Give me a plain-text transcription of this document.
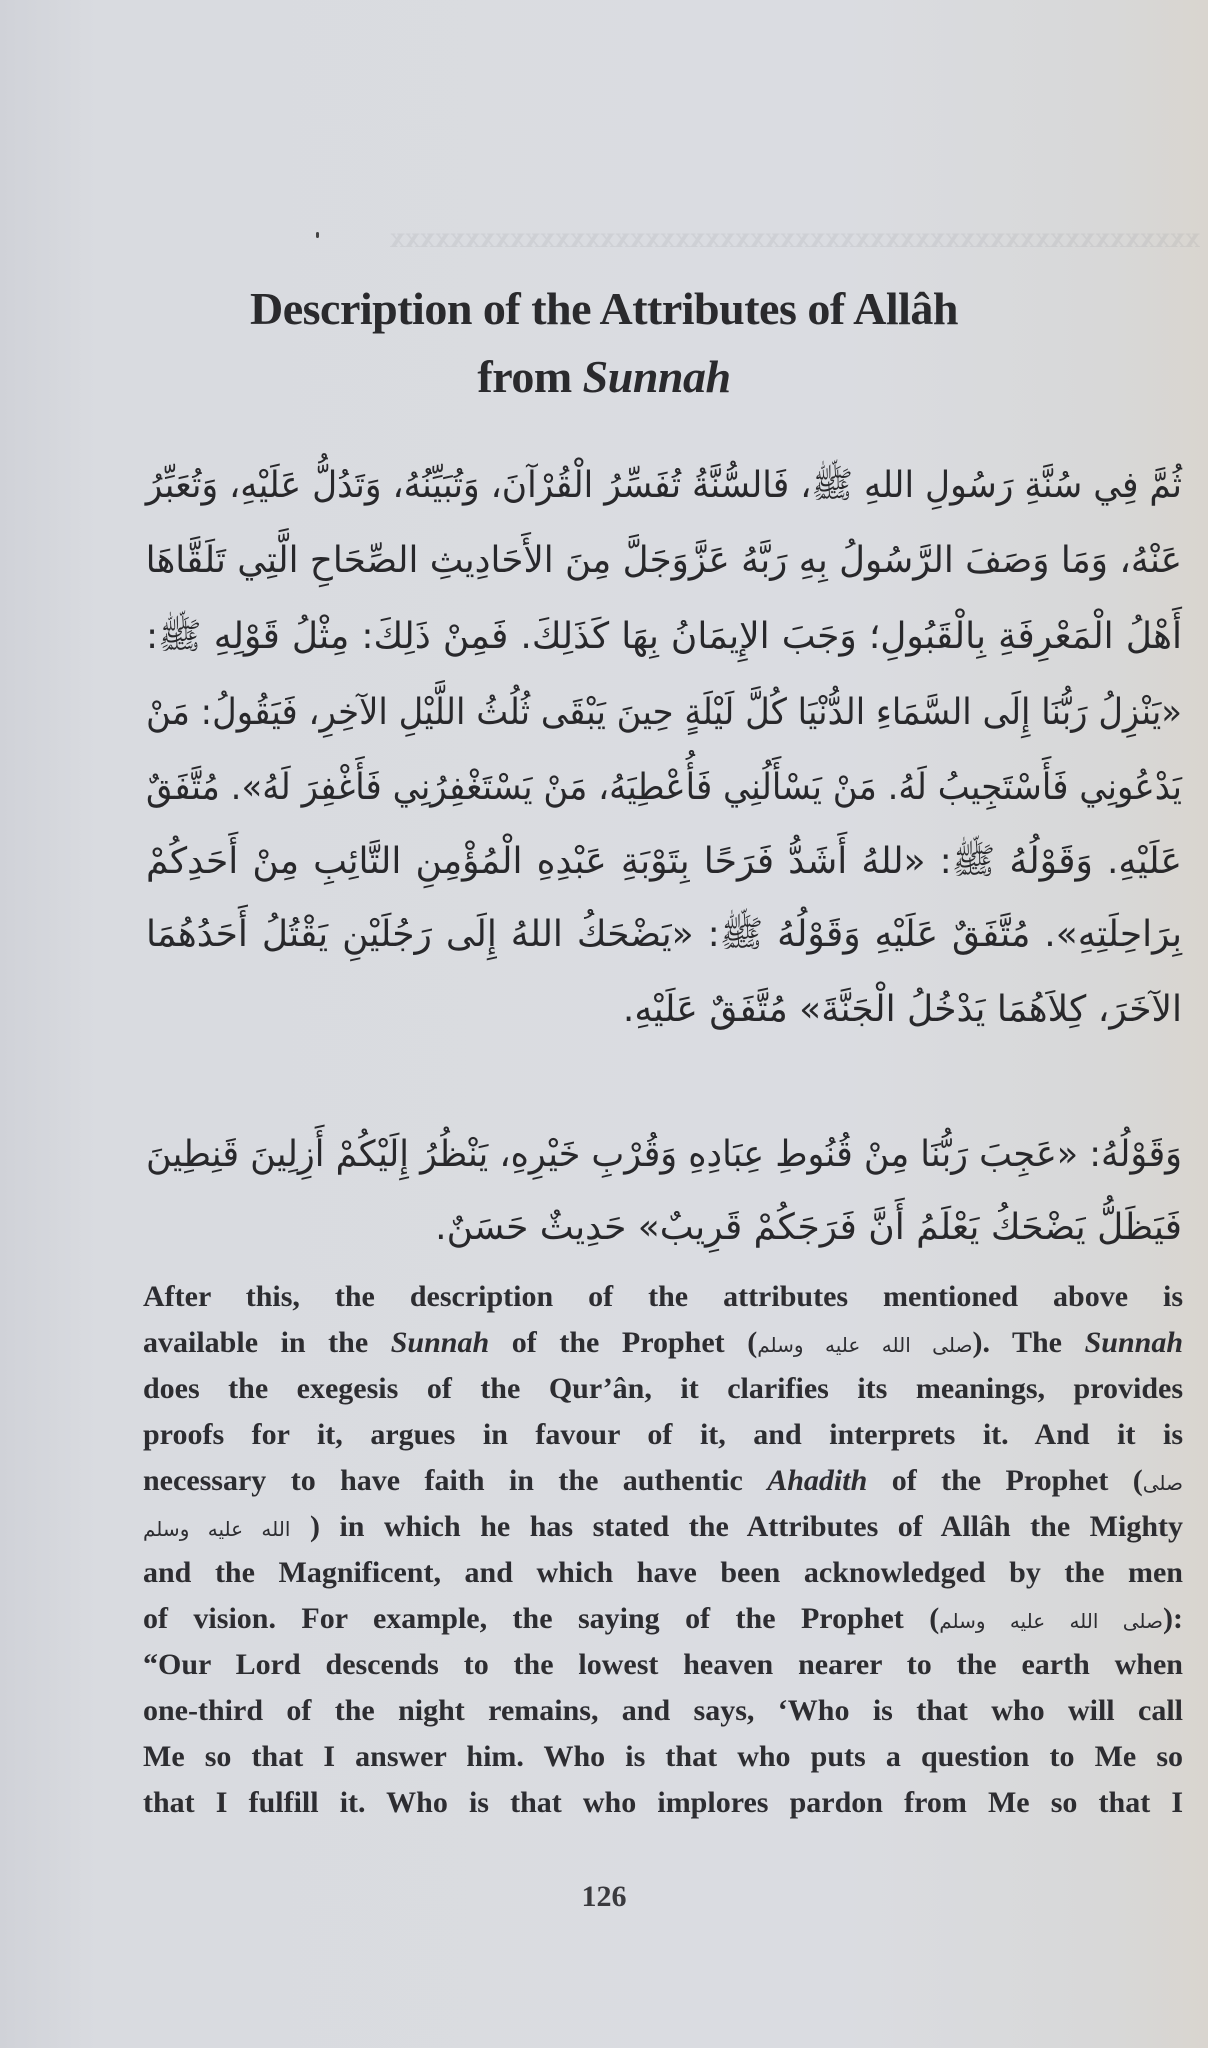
xxxxxxxxxxxxxxxxxxxxxxxxxxxxxxxxxxxxxxxxxxxxxxxxxxxxxx
Description of the Attributes of Allâh
from Sunnah
ثُمَّ فِي سُنَّةِ رَسُولِ اللهِ ﷺ، فَالسُّنَّةُ تُفَسِّرُ الْقُرْآنَ، وَتُبَيِّنُهُ، وَتَدُلُّ عَلَيْهِ، وَتُعَبِّرُ
عَنْهُ، وَمَا وَصَفَ الرَّسُولُ بِهِ رَبَّهُ عَزَّوَجَلَّ مِنَ الأَحَادِيثِ الصِّحَاحِ الَّتِي تَلَقَّاهَا
أَهْلُ الْمَعْرِفَةِ بِالْقَبُولِ؛ وَجَبَ الإِيمَانُ بِهَا كَذَلِكَ. فَمِنْ ذَلِكَ: مِثْلُ قَوْلِهِ ﷺ:
«يَنْزِلُ رَبُّنَا إِلَى السَّمَاءِ الدُّنْيَا كُلَّ لَيْلَةٍ حِينَ يَبْقَى ثُلُثُ اللَّيْلِ الآخِرِ، فَيَقُولُ: مَنْ
يَدْعُونِي فَأَسْتَجِيبُ لَهُ. مَنْ يَسْأَلُنِي فَأُعْطِيَهُ، مَنْ يَسْتَغْفِرُنِي فَأَغْفِرَ لَهُ». مُتَّفَقٌ
عَلَيْهِ. وَقَوْلُهُ ﷺ: «للهُ أَشَدُّ فَرَحًا بِتَوْبَةِ عَبْدِهِ الْمُؤْمِنِ التَّائِبِ مِنْ أَحَدِكُمْ
بِرَاحِلَتِهِ». مُتَّفَقٌ عَلَيْهِ وَقَوْلُهُ ﷺ: «يَضْحَكُ اللهُ إِلَى رَجُلَيْنِ يَقْتُلُ أَحَدُهُمَا
الآخَرَ، كِلاَهُمَا يَدْخُلُ الْجَنَّةَ» مُتَّفَقٌ عَلَيْهِ.
وَقَوْلُهُ: «عَجِبَ رَبُّنَا مِنْ قُنُوطِ عِبَادِهِ وَقُرْبِ خَيْرِهِ، يَنْظُرُ إِلَيْكُمْ أَزِلِينَ قَنِطِينَ
فَيَظَلُّ يَضْحَكُ يَعْلَمُ أَنَّ فَرَجَكُمْ قَرِيبٌ» حَدِيثٌ حَسَنٌ.
After this, the description of the attributes mentioned above is
available in the Sunnah of the Prophet (صلى الله عليه وسلم). The Sunnah
does the exegesis of the Qur’ân, it clarifies its meanings, provides
proofs for it, argues in favour of it, and interprets it. And it is
necessary to have faith in the authentic Ahadith of the Prophet (صلى
الله عليه وسلم ) in which he has stated the Attributes of Allâh the Mighty
and the Magnificent, and which have been acknowledged by the men
of vision. For example, the saying of the Prophet (صلى الله عليه وسلم):
“Our Lord descends to the lowest heaven nearer to the earth when
one-third of the night remains, and says, ‘Who is that who will call
Me so that I answer him. Who is that who puts a question to Me so
that I fulfill it. Who is that who implores pardon from Me so that I
126
